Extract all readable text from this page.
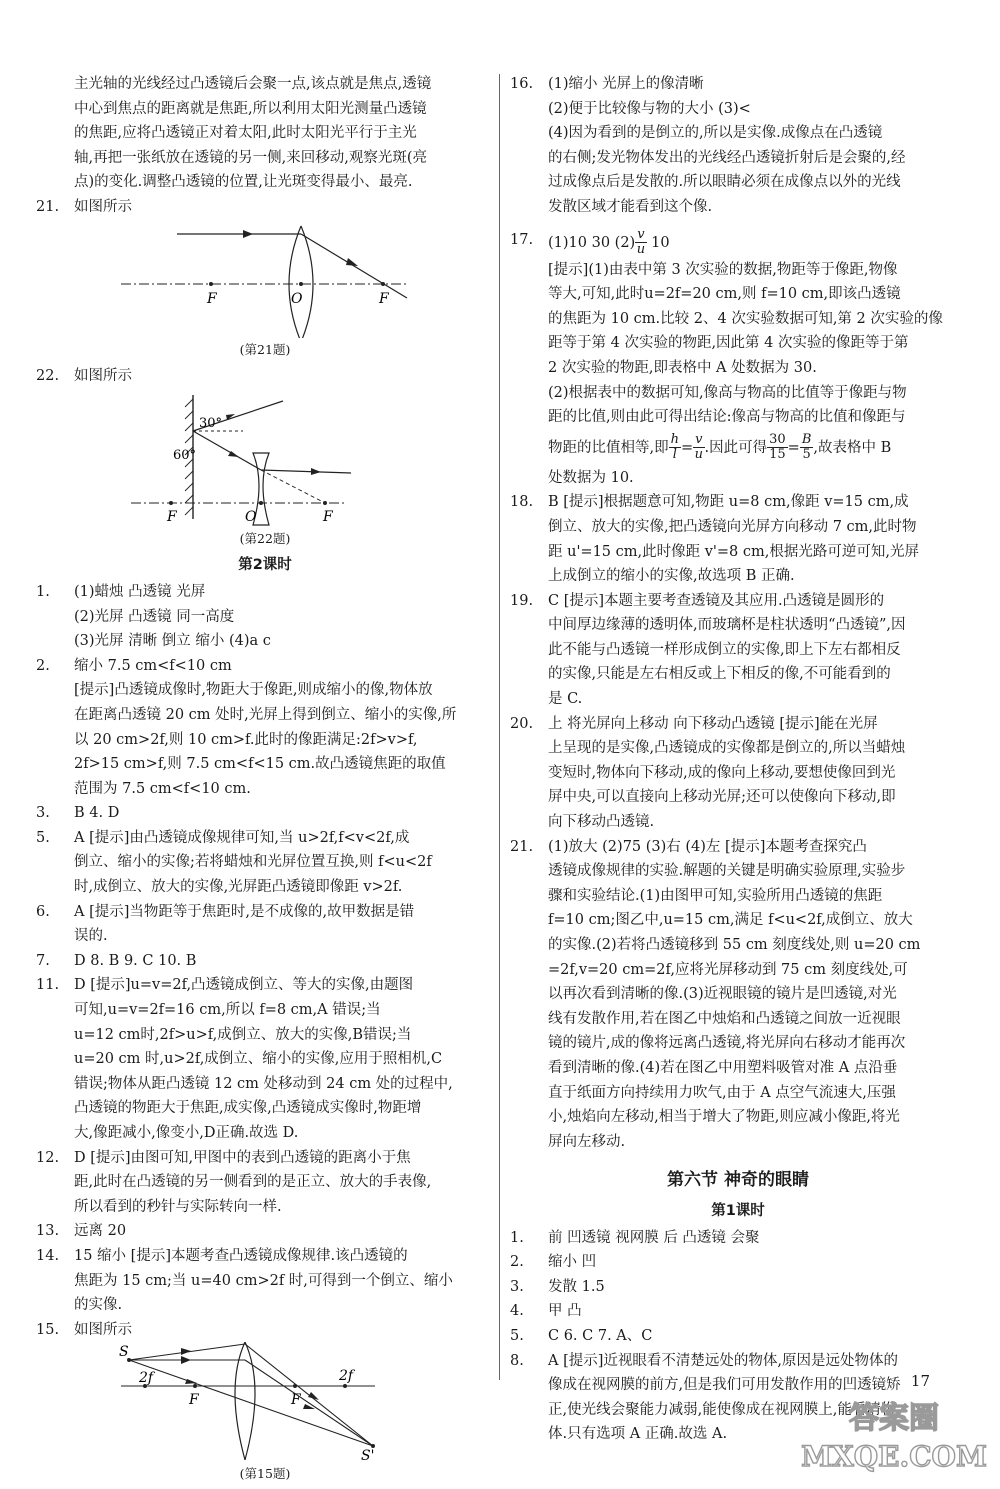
主光轴的光线经过凸透镜后会聚一点,该点就是焦点,透镜

中心到焦点的距离就是焦距,所以利用太阳光测量凸透镜

的焦距,应将凸透镜正对着太阳,此时太阳光平行于主光

轴,再把一张纸放在透镜的另一侧,来回移动,观察光斑(亮

点)的变化.调整凸透镜的位置,让光斑变得最小、最亮.

21. 如图所示

F	O	F

(第21题)

22. 如图所示

30°
60°
F	O	F

(第22题)

第2课时

1. (1)蜡烛 凸透镜 光屏

(2)光屏 凸透镜 同一高度

(3)光屏 清晰 倒立 缩小 (4)a c

2. 缩小 7.5 cm<f<10 cm

[提示]凸透镜成像时,物距大于像距,则成缩小的像,物体放

在距离凸透镜 20 cm 处时,光屏上得到倒立、缩小的实像,所

以 20 cm>2f,则 10 cm>f.此时的像距满足:2f>v>f,

2f>15 cm>f,则 7.5 cm<f<15 cm.故凸透镜焦距的取值

范围为 7.5 cm<f<10 cm.

3. B 4. D

5. A [提示]由凸透镜成像规律可知,当 u>2f,f<v<2f,成

倒立、缩小的实像;若将蜡烛和光屏位置互换,则 f<u<2f

时,成倒立、放大的实像,光屏距凸透镜即像距 v>2f.

6. A [提示]当物距等于焦距时,是不成像的,故甲数据是错

误的.

7. D 8. B 9. C 10. B

11. D [提示]u=v=2f,凸透镜成倒立、等大的实像,由题图

可知,u=v=2f=16 cm,所以 f=8 cm,A 错误;当

u=12 cm时,2f>u>f,成倒立、放大的实像,B错误;当

u=20 cm 时,u>2f,成倒立、缩小的实像,应用于照相机,C

错误;物体从距凸透镜 12 cm 处移动到 24 cm 处的过程中,

凸透镜的物距大于焦距,成实像,凸透镜成实像时,物距增

大,像距减小,像变小,D正确.故选 D.

12. D [提示]由图可知,甲图中的表到凸透镜的距离小于焦

距,此时在凸透镜的另一侧看到的是正立、放大的手表像,

所以看到的秒针与实际转向一样.

13. 远离 20

14. 15 缩小 [提示]本题考查凸透镜成像规律.该凸透镜的

焦距为 15 cm;当 u=40 cm>2f 时,可得到一个倒立、缩小

的实像.

15. 如图所示

S
2f
F	F
2f
S'

(第15题)

16. (1)缩小 光屏上的像清晰

(2)便于比较像与物的大小 (3)<

(4)因为看到的是倒立的,所以是实像.成像点在凸透镜

的右侧;发光物体发出的光线经凸透镜折射后是会聚的,经

过成像点后是发散的.所以眼睛必须在成像点以外的光线

发散区域才能看到这个像.

17. (1)10 30 $(2) \frac{v}{u} 10$

[提示](1)由表中第 3 次实验的数据,物距等于像距,物像

等大,可知,此时u=2f=20 cm,则 f=10 cm,即该凸透镜

的焦距为 10 cm.比较 2、4 次实验数据可知,第 2 次实验的像

距等于第 4 次实验的物距,因此第 4 次实验的像距等于第

2 次实验的物距,即表格中 A 处数据为 30.

(2)根据表中的数据可知,像高与物高的比值等于像距与物

距的比值,则由此可得出结论:像高与物高的比值和像距与

物距的比值相等,即 $\frac{h}{l} = \frac{v}{u}$ .因此可得 $\frac{30}{15} = \frac{B}{5}$ ,故表格中 B

处数据为 10.

18. B [提示]根据题意可知,物距 u=8 cm,像距 v=15 cm,成

倒立、放大的实像,把凸透镜向光屏方向移动 7 cm,此时物

距 u'=15 cm,此时像距 v'=8 cm,根据光路可逆可知,光屏

上成倒立的缩小的实像,故选项 B 正确.

19. C [提示]本题主要考查透镜及其应用.凸透镜是圆形的

中间厚边缘薄的透明体,而玻璃杯是柱状透明“凸透镜”,因

此不能与凸透镜一样形成倒立的实像,即上下左右都相反

的实像,只能是左右相反或上下相反的像,不可能看到的

是 C.

20. 上 将光屏向上移动 向下移动凸透镜 [提示]能在光屏

上呈现的是实像,凸透镜成的实像都是倒立的,所以当蜡烛

变短时,物体向下移动,成的像向上移动,要想使像回到光

屏中央,可以直接向上移动光屏;还可以使像向下移动,即

向下移动凸透镜.

21. (1)放大 (2)75 (3)右 (4)左 [提示]本题考查探究凸

透镜成像规律的实验.解题的关键是明确实验原理,实验步

骤和实验结论.(1)由图甲可知,实验所用凸透镜的焦距

f=10 cm;图乙中,u=15 cm,满足 f<u<2f,成倒立、放大

的实像.(2)若将凸透镜移到 55 cm 刻度线处,则 u=20 cm

=2f,v=20 cm=2f,应将光屏移动到 75 cm 刻度线处,可

以再次看到清晰的像.(3)近视眼镜的镜片是凹透镜,对光

线有发散作用,若在图乙中烛焰和凸透镜之间放一近视眼

镜的镜片,成的像将远离凸透镜,将光屏向右移动才能再次

看到清晰的像.(4)若在图乙中用塑料吸管对准 A 点沿垂

直于纸面方向持续用力吹气,由于 A 点空气流速大,压强

小,烛焰向左移动,相当于增大了物距,则应减小像距,将光

屏向左移动.

第六节 神奇的眼睛

第1课时

1. 前 凹透镜 视网膜 后 凸透镜 会聚

2. 缩小 凹

3. 发散 1.5

4. 甲 凸

5. C 6. C 7. A、C

8. A [提示]近视眼看不清楚远处的物体,原因是远处物体的

像成在视网膜的前方,但是我们可用发散作用的凹透镜矫

正,使光线会聚能力减弱,能使像成在视网膜上,能看清物

体.只有选项 A 正确.故选 A.

17
答案圈
MXQE.COM
